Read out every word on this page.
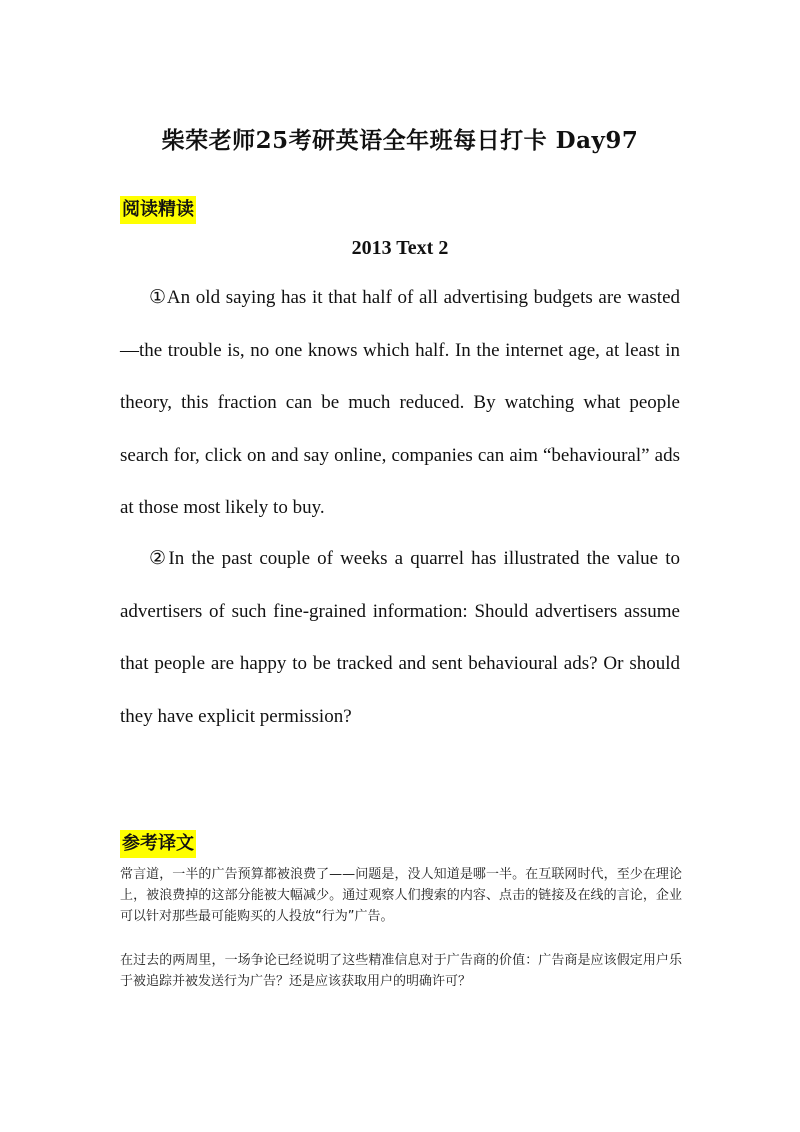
柴荣老师25考研英语全年班每日打卡 Day97
阅读精读
2013 Text 2

①An old saying has it that half of all advertising budgets are wasted—the trouble is, no one knows which half. In the internet age, at least in theory, this fraction can be much reduced. By watching what people search for, click on and say online, companies can aim “behavioural” ads at those most likely to buy.

②In the past couple of weeks a quarrel has illustrated the value to advertisers of such fine-grained information: Should advertisers assume that people are happy to be tracked and sent behavioural ads? Or should they have explicit permission?

参考译文

常言道，一半的广告预算都被浪费了——问题是，没人知道是哪一半。在互联网时代，至少在理论上，被浪费掉的这部分能被大幅减少。通过观察人们搜索的内容、点击的链接及在线的言论，企业可以针对那些最可能购买的人投放“行为”广告。

在过去的两周里，一场争论已经说明了这些精准信息对于广告商的价值：广告商是应该假定用户乐于被追踪并被发送行为广告？还是应该获取用户的明确许可？
